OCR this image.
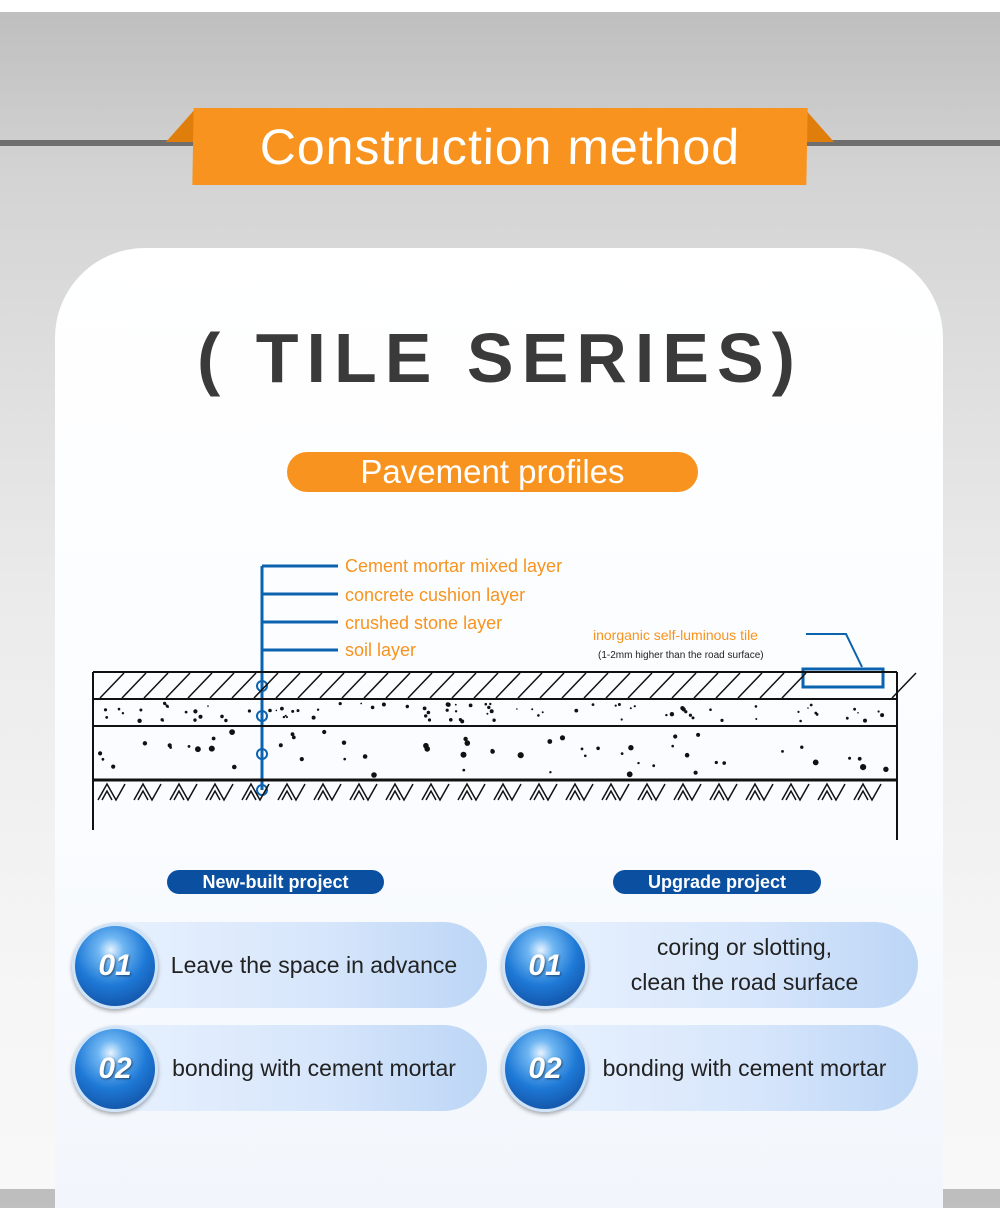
Construction method
( TILE SERIES)
Pavement profiles
Cement mortar mixed layer
concrete cushion layer
crushed stone layer
soil layer
inorganic self-luminous tile
(1-2mm higher than the road surface)
New-built project	Upgrade project
Leave the space in advance
01
bonding with cement mortar
02
coring or slotting,
clean the road surface
01
bonding with cement mortar
02
